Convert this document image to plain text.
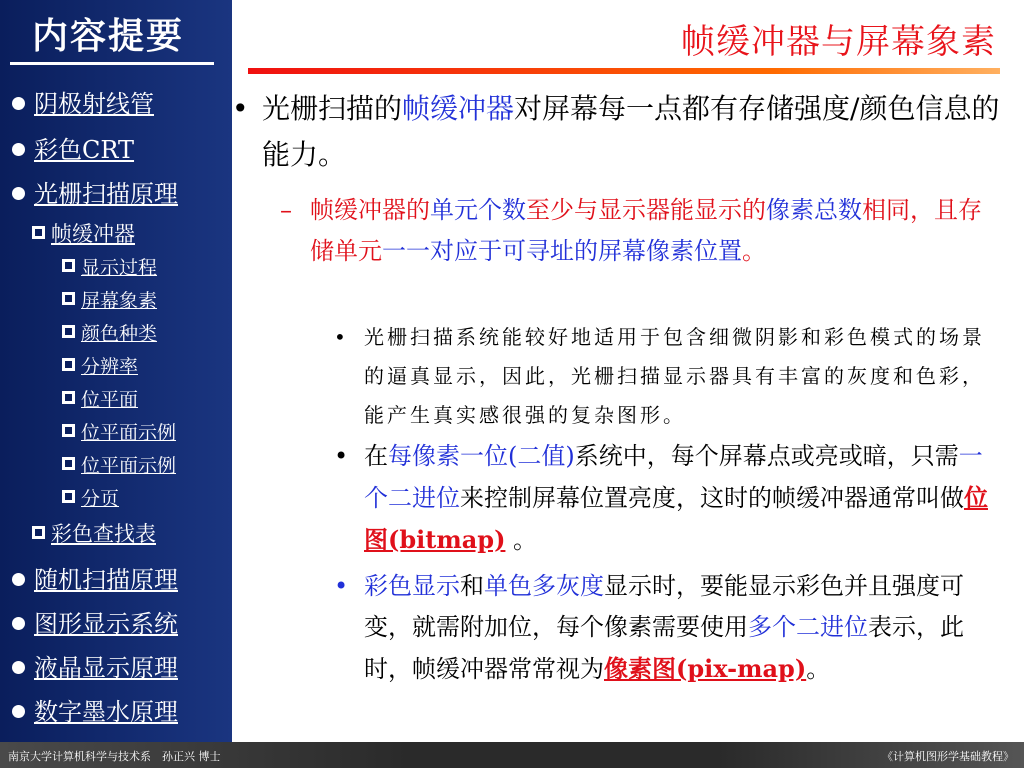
内容提要
阴极射线管
彩色CRT
光栅扫描原理
帧缓冲器
显示过程
屏幕象素
颜色种类
分辨率
位平面
位平面示例
位平面示例
分页
彩色查找表
随机扫描原理
图形显示系统
液晶显示原理
数字墨水原理
帧缓冲器与屏幕象素
• 光栅扫描的帧缓冲器对屏幕每一点都有存储强度/颜色信息的能力。
– 帧缓冲器的单元个数至少与显示器能显示的像素总数相同，且存储单元一一对应于可寻址的屏幕像素位置。
• 光栅扫描系统能较好地适用于包含细微阴影和彩色模式的场景的逼真显示，因此，光栅扫描显示器具有丰富的灰度和色彩，能产生真实感很强的复杂图形。
• 在每像素一位(二值)系统中，每个屏幕点或亮或暗，只需一个二进位来控制屏幕位置亮度，这时的帧缓冲器通常叫做位图(bitmap) 。
• 彩色显示和单色多灰度显示时，要能显示彩色并且强度可变，就需附加位，每个像素需要使用多个二进位表示，此时，帧缓冲器常常视为像素图(pix-map)。
南京大学计算机科学与技术系　孙正兴 博士	《计算机图形学基础教程》
